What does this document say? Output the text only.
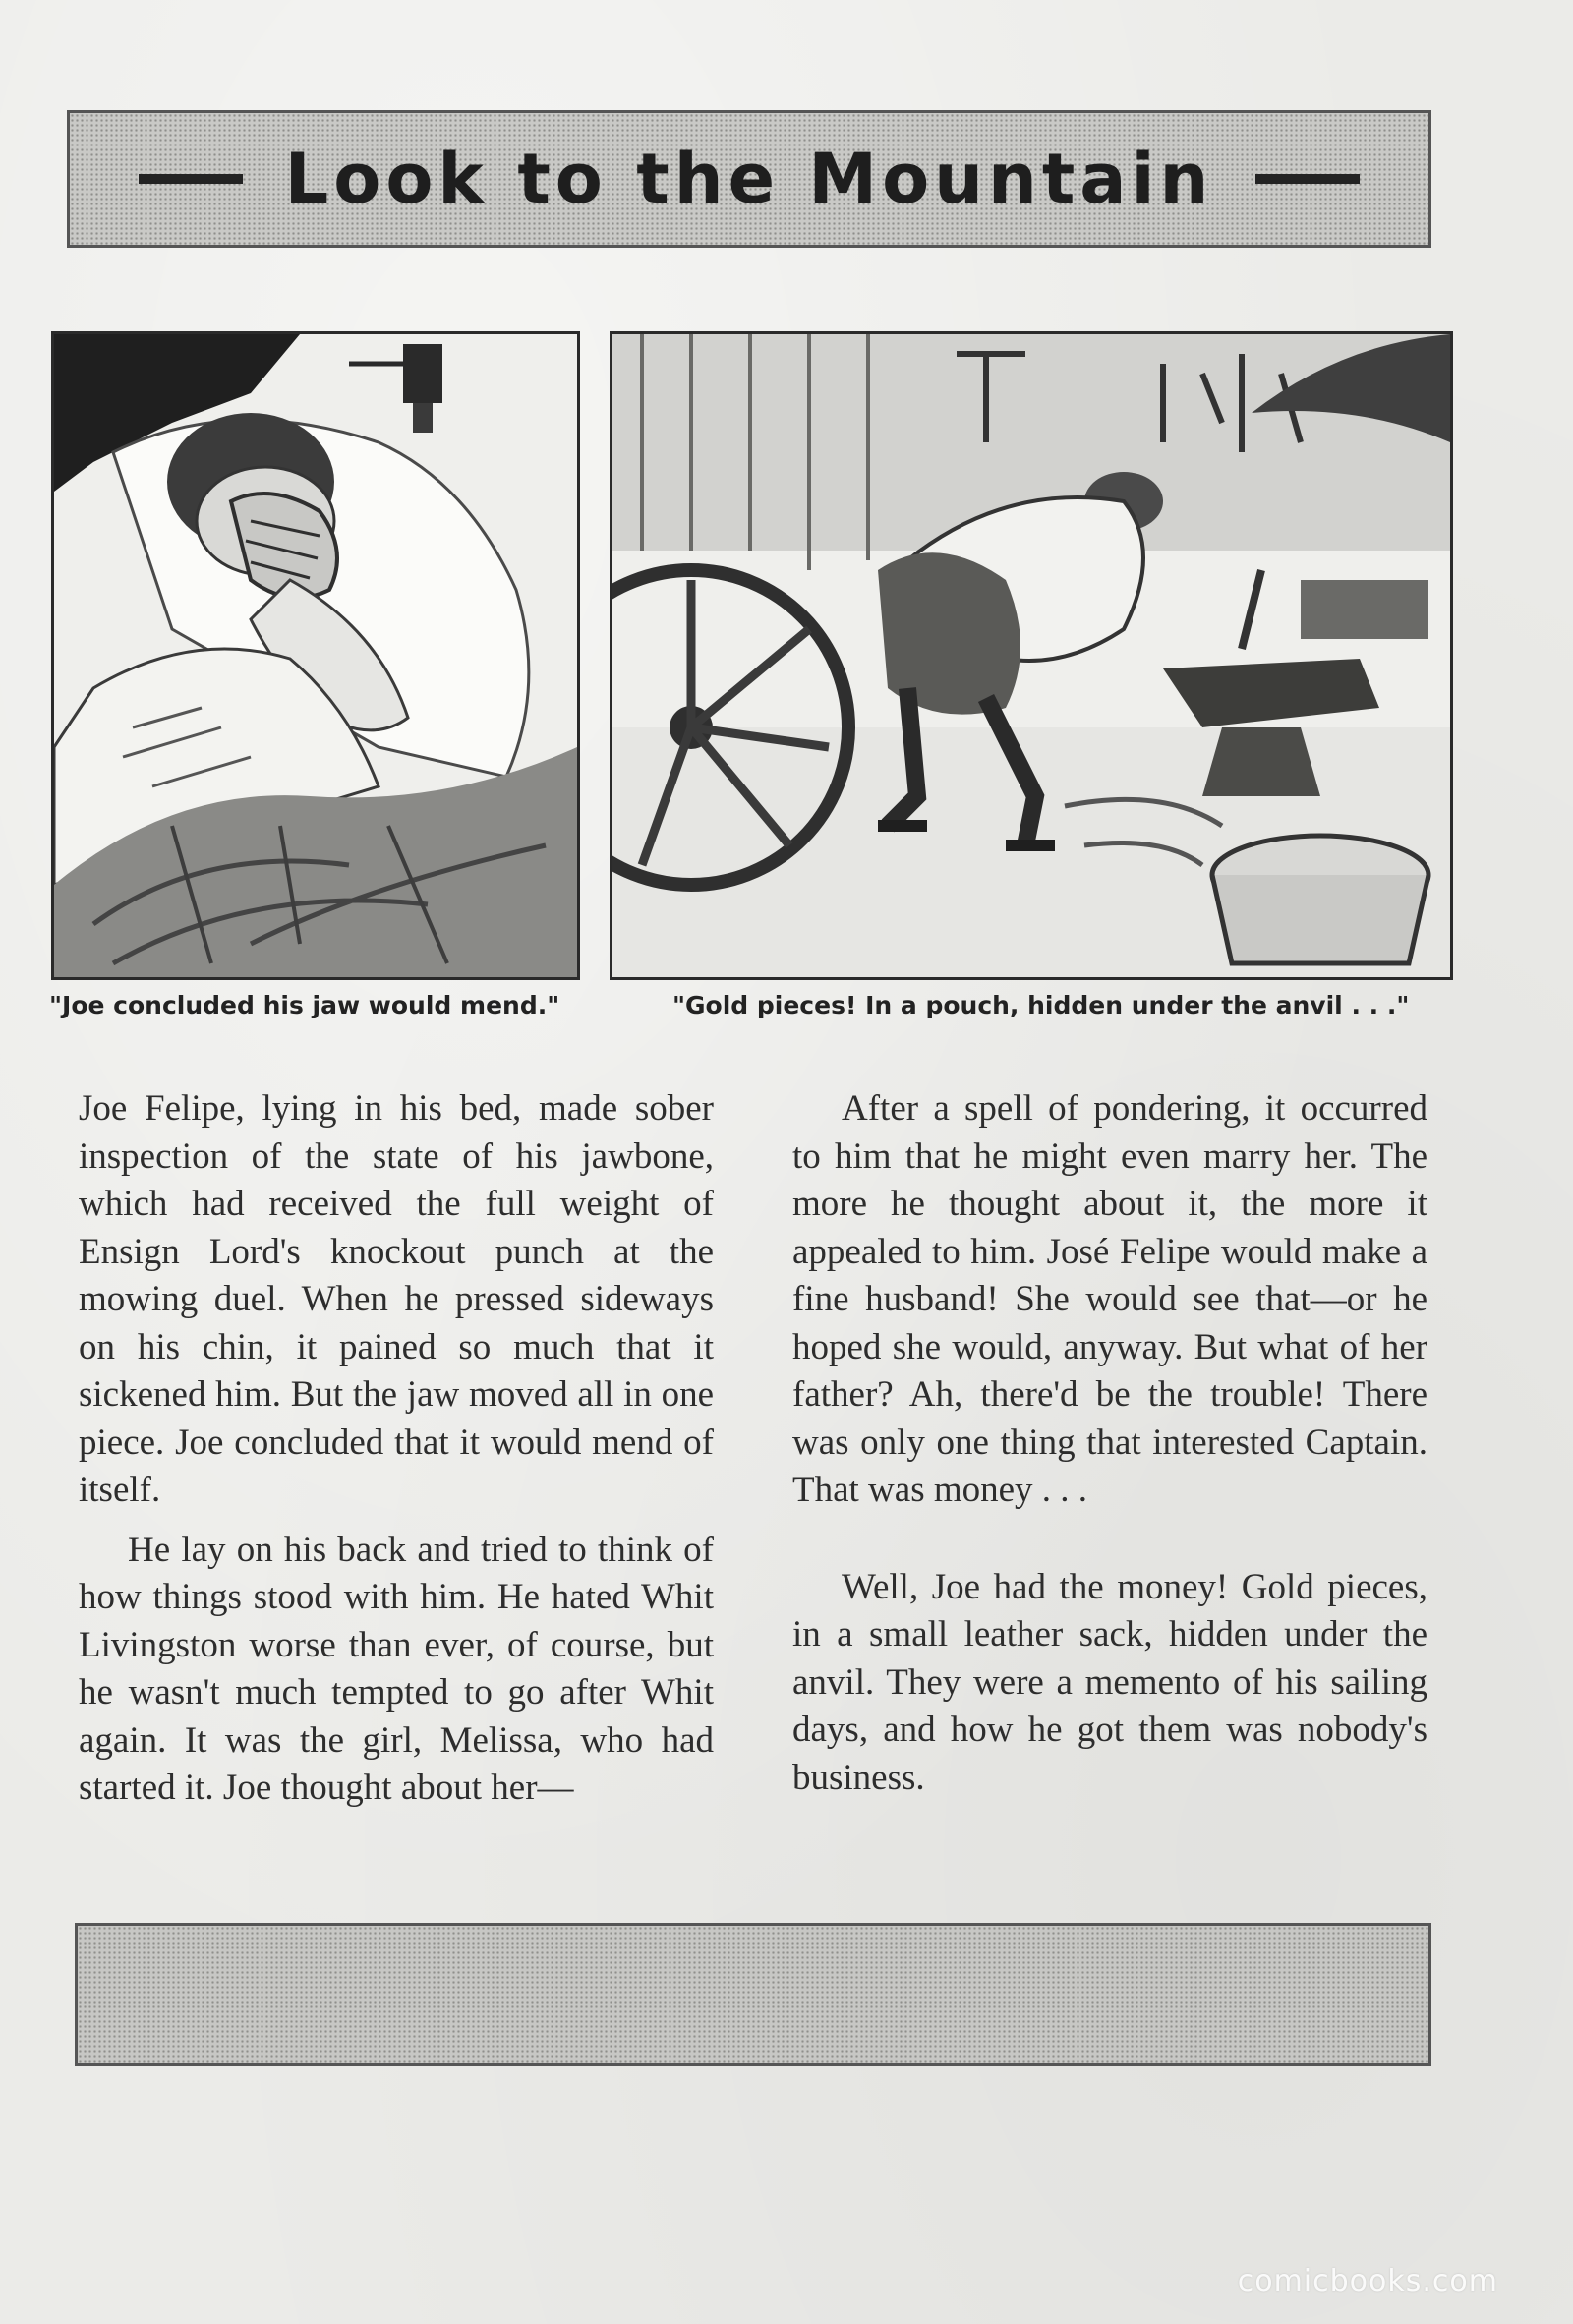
Look to the Mountain
"Joe concluded his jaw would mend."	"Gold pieces! In a pouch, hidden under the anvil . . ."

Joe Felipe, lying in his bed, made sober inspection of the state of his jawbone, which had received the full weight of Ensign Lord's knockout punch at the mowing duel. When he pressed sideways on his chin, it pained so much that it sickened him. But the jaw moved all in one piece. Joe concluded that it would mend of itself.

He lay on his back and tried to think of how things stood with him. He hated Whit Livingston worse than ever, of course, but he wasn't much tempted to go after Whit again. It was the girl, Melissa, who had started it. Joe thought about her—

After a spell of pondering, it occurred to him that he might even marry her. The more he thought about it, the more it appealed to him. José Felipe would make a fine husband! She would see that—or he hoped she would, anyway. But what of her father? Ah, there'd be the trouble! There was only one thing that interested Captain. That was money . . .

Well, Joe had the money! Gold pieces, in a small leather sack, hidden under the anvil. They were a memento of his sailing days, and how he got them was nobody's business.

comicbooks.com
